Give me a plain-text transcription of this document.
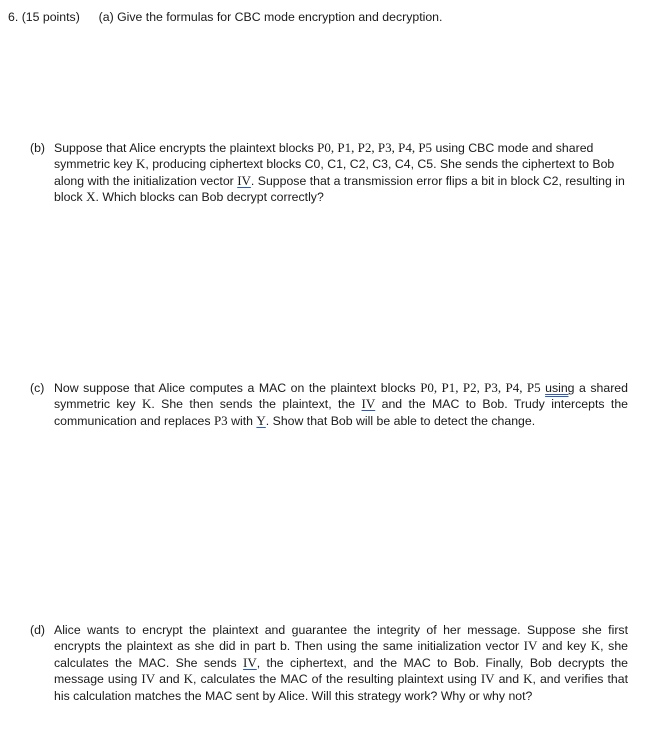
6. (15 points) (a) Give the formulas for CBC mode encryption and decryption.
(b) Suppose that Alice encrypts the plaintext blocks P0, P1, P2, P3, P4, P5 using CBC mode and shared symmetric key K, producing ciphertext blocks C0, C1, C2, C3, C4, C5. She sends the ciphertext to Bob along with the initialization vector IV. Suppose that a transmission error flips a bit in block C2, resulting in block X. Which blocks can Bob decrypt correctly?
(c) Now suppose that Alice computes a MAC on the plaintext blocks P0, P1, P2, P3, P4, P5 using a shared symmetric key K. She then sends the plaintext, the IV and the MAC to Bob. Trudy intercepts the communication and replaces P3 with Y. Show that Bob will be able to detect the change.
(d) Alice wants to encrypt the plaintext and guarantee the integrity of her message. Suppose she first encrypts the plaintext as she did in part b. Then using the same initialization vector IV and key K, she calculates the MAC. She sends IV, the ciphertext, and the MAC to Bob. Finally, Bob decrypts the message using IV and K, calculates the MAC of the resulting plaintext using IV and K, and verifies that his calculation matches the MAC sent by Alice. Will this strategy work? Why or why not?
